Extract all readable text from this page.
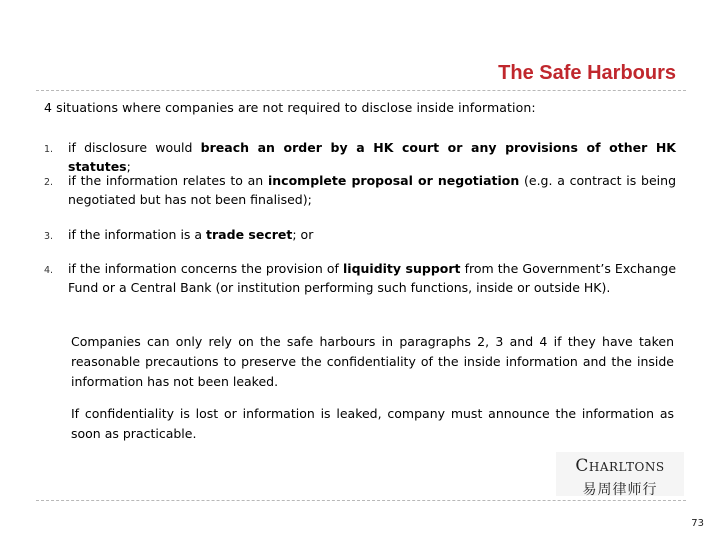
The Safe Harbours
4 situations where companies are not required to disclose inside information:
1. if disclosure would breach an order by a HK court or any provisions of other HK statutes;
2. if the information relates to an incomplete proposal or negotiation (e.g. a contract is being negotiated but has not been finalised);
3. if the information is a trade secret; or
4. if the information concerns the provision of liquidity support from the Government’s Exchange Fund or a Central Bank (or institution performing such functions, inside or outside HK).
Companies can only rely on the safe harbours in paragraphs 2, 3 and 4 if they have taken reasonable precautions to preserve the confidentiality of the inside information and the inside information has not been leaked.
If confidentiality is lost or information is leaked, company must announce the information as soon as practicable.
Charltons
易周律师行
73
